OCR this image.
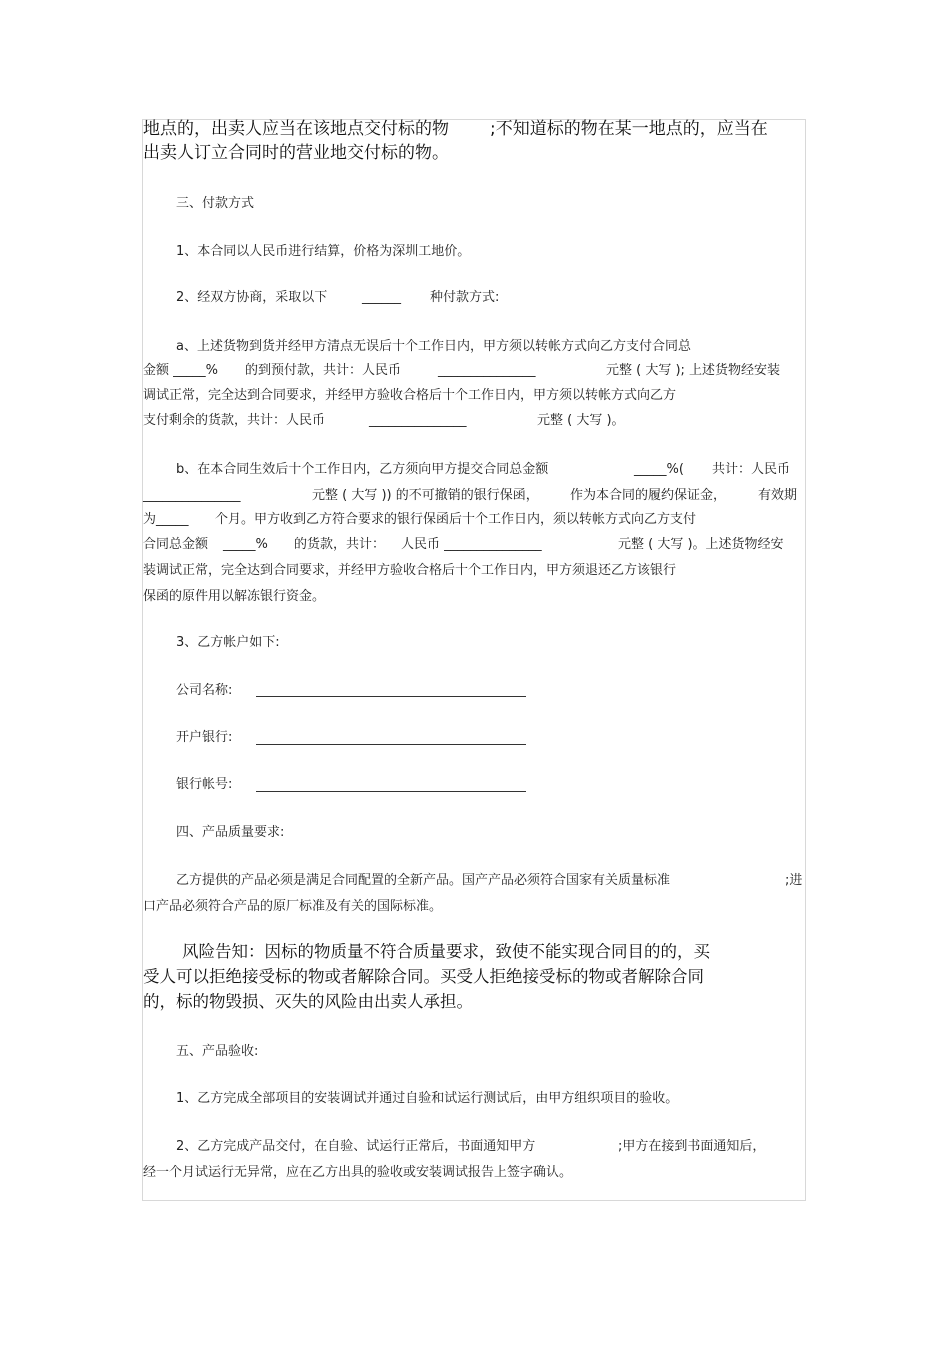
地点的，出卖人应当在该地点交付标的物 ;不知道标的物在某一地点的，应当在
出卖人订立合同时的营业地交付标的物。
三、付款方式
1、本合同以人民币进行结算，价格为深圳工地价。
2、经双方协商，采取以下	______ 种付款方式:
a、上述货物到货并经甲方清点无误后十个工作日内，甲方须以转帐方式向乙方支付合同总
金额 _____% 的到预付款，共计：人民币	_______________	元整 ( 大写 ); 上述货物经安装
调试正常，完全达到合同要求，并经甲方验收合格后十个工作日内，甲方须以转帐方式向乙方
支付剩余的货款，共计：人民币	_______________	元整 ( 大写 )。
b、在本合同生效后十个工作日内，乙方须向甲方提交合同总金额	_____%( 共计：人民币
_______________	元整 ( 大写 )) 的不可撤销的银行保函， 作为本合同的履约保证金， 有效期
为_____ 个月。甲方收到乙方符合要求的银行保函后十个工作日内，须以转帐方式向乙方支付
合同总金额 _____% 的货款，共计： 人民币 _______________	元整 ( 大写 )。上述货物经安
装调试正常，完全达到合同要求，并经甲方验收合格后十个工作日内，甲方须退还乙方该银行
保函的原件用以解冻银行资金。
3、乙方帐户如下:
公司名称:
开户银行:
银行帐号:
四、产品质量要求:
乙方提供的产品必须是满足合同配置的全新产品。国产产品必须符合国家有关质量标准	;进
口产品必须符合产品的原厂标准及有关的国际标准。
风险告知：因标的物质量不符合质量要求，致使不能实现合同目的的，买
受人可以拒绝接受标的物或者解除合同。买受人拒绝接受标的物或者解除合同
的，标的物毁损、灭失的风险由出卖人承担。
五、产品验收:
1、乙方完成全部项目的安装调试并通过自验和试运行测试后，由甲方组织项目的验收。
2、乙方完成产品交付，在自验、试运行正常后，书面通知甲方	;甲方在接到书面通知后，
经一个月试运行无异常，应在乙方出具的验收或安装调试报告上签字确认。
